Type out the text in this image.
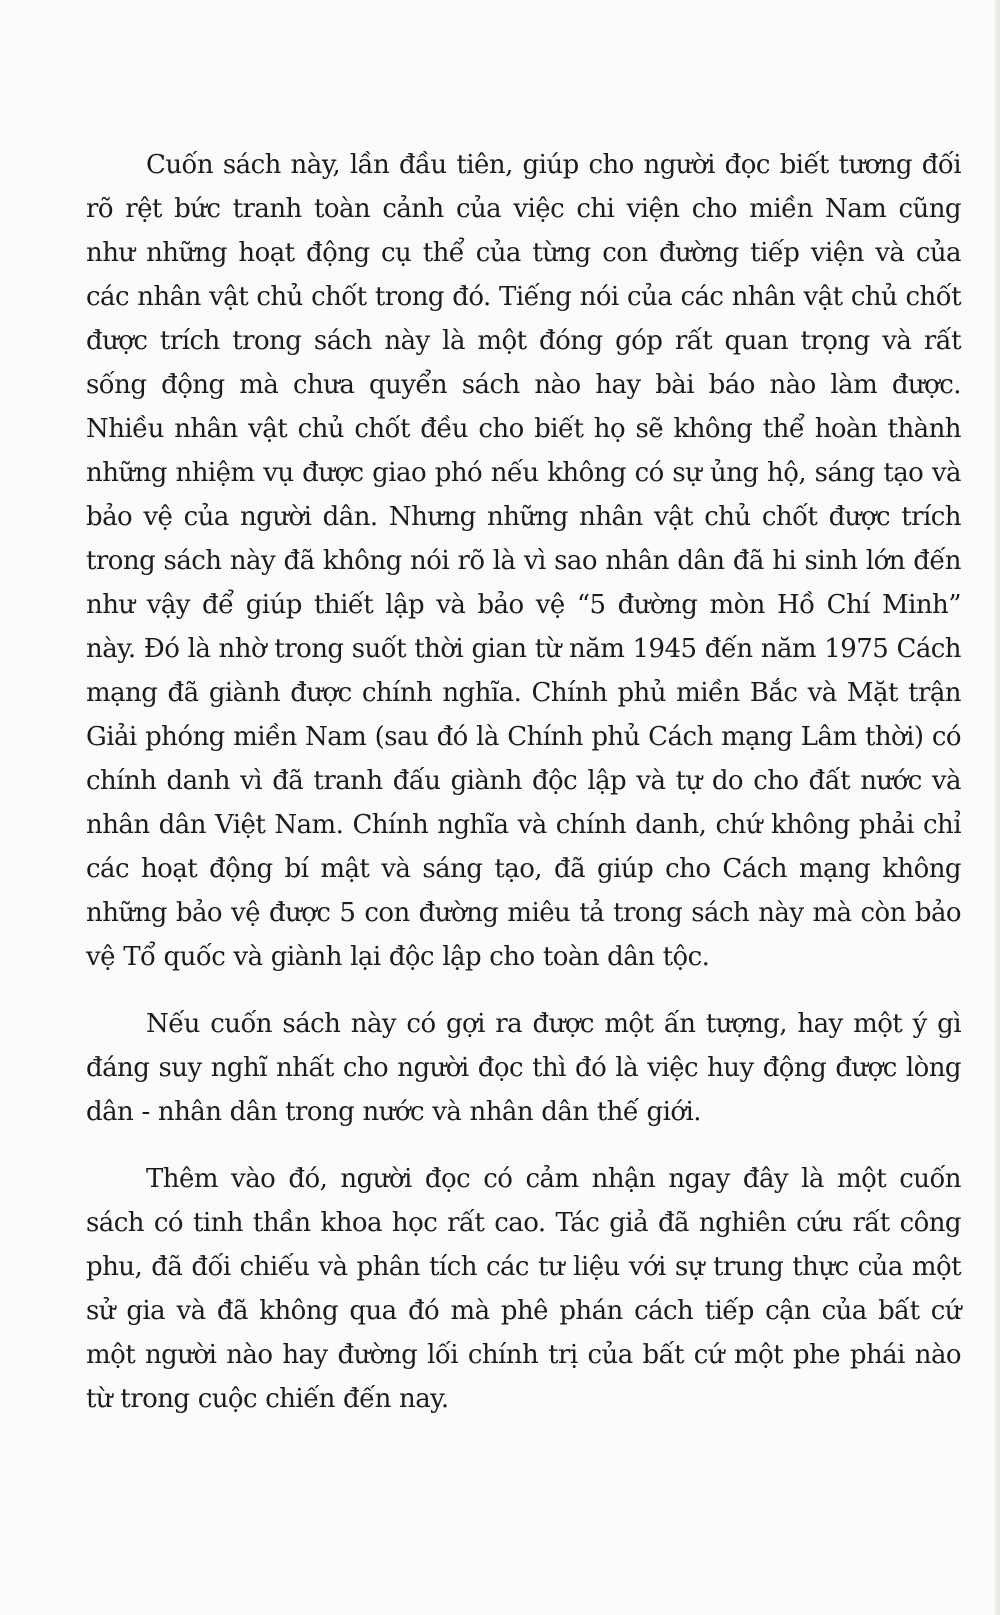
Cuốn sách này, lần đầu tiên, giúp cho người đọc biết tương đối rõ rệt bức tranh toàn cảnh của việc chi viện cho miền Nam cũng như những hoạt động cụ thể của từng con đường tiếp viện và của các nhân vật chủ chốt trong đó. Tiếng nói của các nhân vật chủ chốt được trích trong sách này là một đóng góp rất quan trọng và rất sống động mà chưa quyển sách nào hay bài báo nào làm được. Nhiều nhân vật chủ chốt đều cho biết họ sẽ không thể hoàn thành những nhiệm vụ được giao phó nếu không có sự ủng hộ, sáng tạo và bảo vệ của người dân. Nhưng những nhân vật chủ chốt được trích trong sách này đã không nói rõ là vì sao nhân dân đã hi sinh lớn đến như vậy để giúp thiết lập và bảo vệ “5 đường mòn Hồ Chí Minh” này. Đó là nhờ trong suốt thời gian từ năm 1945 đến năm 1975 Cách mạng đã giành được chính nghĩa. Chính phủ miền Bắc và Mặt trận Giải phóng miền Nam (sau đó là Chính phủ Cách mạng Lâm thời) có chính danh vì đã tranh đấu giành độc lập và tự do cho đất nước và nhân dân Việt Nam. Chính nghĩa và chính danh, chứ không phải chỉ các hoạt động bí mật và sáng tạo, đã giúp cho Cách mạng không những bảo vệ được 5 con đường miêu tả trong sách này mà còn bảo vệ Tổ quốc và giành lại độc lập cho toàn dân tộc.

Nếu cuốn sách này có gợi ra được một ấn tượng, hay một ý gì đáng suy nghĩ nhất cho người đọc thì đó là việc huy động được lòng dân - nhân dân trong nước và nhân dân thế giới.

Thêm vào đó, người đọc có cảm nhận ngay đây là một cuốn sách có tinh thần khoa học rất cao. Tác giả đã nghiên cứu rất công phu, đã đối chiếu và phân tích các tư liệu với sự trung thực của một sử gia và đã không qua đó mà phê phán cách tiếp cận của bất cứ một người nào hay đường lối chính trị của bất cứ một phe phái nào từ trong cuộc chiến đến nay.
